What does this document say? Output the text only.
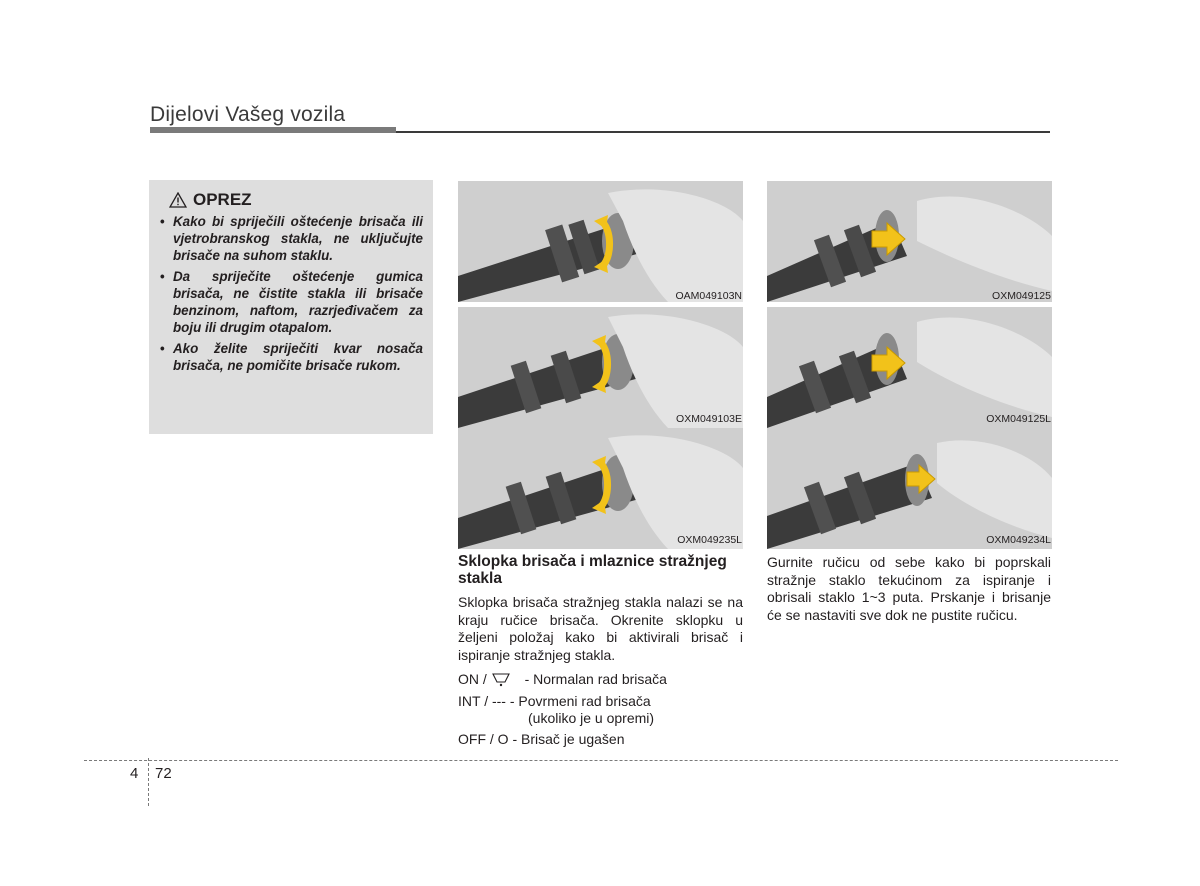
Dijelovi Vašeg vozila
OPREZ
• Kako bi spriječili oštećenje brisača ili vjetrobranskog stakla, ne uključujte brisače na suhom staklu.
• Da spriječite oštećenje gumica brisača, ne čistite stakla ili brisače benzinom, naftom, razrjeđivačem za boju ili drugim otapalom.
• Ako želite spriječiti kvar nosača brisača, ne pomičite brisače rukom.
OAM049103N
OXM049103E
OXM049235L
OXM049125
OXM049125L
OXM049234L
Sklopka brisača i mlaznice stražnjeg stakla
Sklopka brisača stražnjeg stakla nalazi se na kraju ručice brisača. Okrenite sklopku u željeni položaj kako bi aktivirali brisač i ispiranje stražnjeg stakla.
ON /	- Normalan rad brisača
INT / --- - Povrmeni rad brisača
(ukoliko je u opremi)
OFF / O - Brisač je ugašen
Gurnite ručicu od sebe kako bi poprskali stražnje staklo tekućinom za ispiranje i obrisali staklo 1~3 puta. Prskanje i brisanje će se nastaviti sve dok ne pustite ručicu.
4 72
